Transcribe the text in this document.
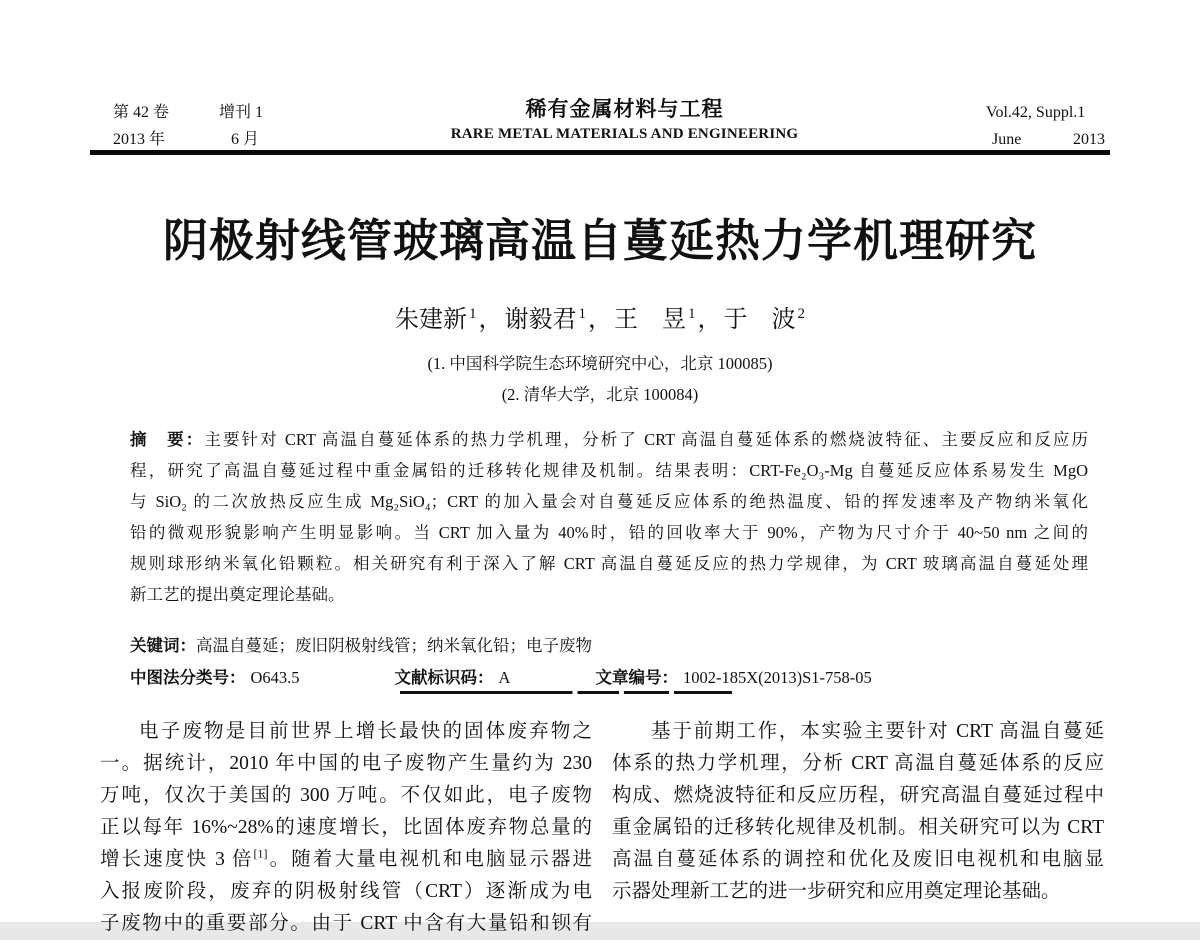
第 42 卷	增刊 1
2013 年	6 月
稀有金属材料与工程
RARE METAL MATERIALS AND ENGINEERING
Vol.42, Suppl.1
June	2013
阴极射线管玻璃高温自蔓延热力学机理研究
朱建新 $^1$，谢毅君 $^1$，王　昱 $^1$，于　波 $^2$
(1. 中国科学院生态环境研究中心，北京 100085)
(2. 清华大学，北京 100084)
摘　要：主要针对 CRT 高温自蔓延体系的热力学机理，分析了 CRT 高温自蔓延体系的燃烧波特征、主要反应和反应历
程，研究了高温自蔓延过程中重金属铅的迁移转化规律及机制。结果表明：CRT-Fe₂O₃-Mg 自蔓延反应体系易发生 MgO
与 SiO₂ 的二次放热反应生成 Mg₂SiO₄；CRT 的加入量会对自蔓延反应体系的绝热温度、铅的挥发速率及产物纳米氧化
铅的微观形貌影响产生明显影响。当 CRT 加入量为 40%时，铅的回收率大于 90%，产物为尺寸介于 40~50 nm 之间的
规则球形纳米氧化铅颗粒。相关研究有利于深入了解 CRT 高温自蔓延反应的热力学规律，为 CRT 玻璃高温自蔓延处理
新工艺的提出奠定理论基础。
关键词：高温自蔓延；废旧阴极射线管；纳米氧化铅；电子废物
中图法分类号： O643.5	文献标识码： A	文章编号： 1002-185X(2013)S1-758-05
电子废物是目前世界上增长最快的固体废弃物之
一。据统计，2010 年中国的电子废物产生量约为 230
万吨，仅次于美国的 300 万吨。不仅如此，电子废物
正以每年 16%~28%的速度增长，比固体废弃物总量的
增长速度快 3 倍[1]。随着大量电视机和电脑显示器进
入报废阶段，废弃的阴极射线管（CRT）逐渐成为电
子废物中的重要部分。由于 CRT 中含有大量铅和钡有
基于前期工作，本实验主要针对 CRT 高温自蔓延
体系的热力学机理，分析 CRT 高温自蔓延体系的反应
构成、燃烧波特征和反应历程，研究高温自蔓延过程中
重金属铅的迁移转化规律及机制。相关研究可以为 CRT
高温自蔓延体系的调控和优化及废旧电视机和电脑显
示器处理新工艺的进一步研究和应用奠定理论基础。
